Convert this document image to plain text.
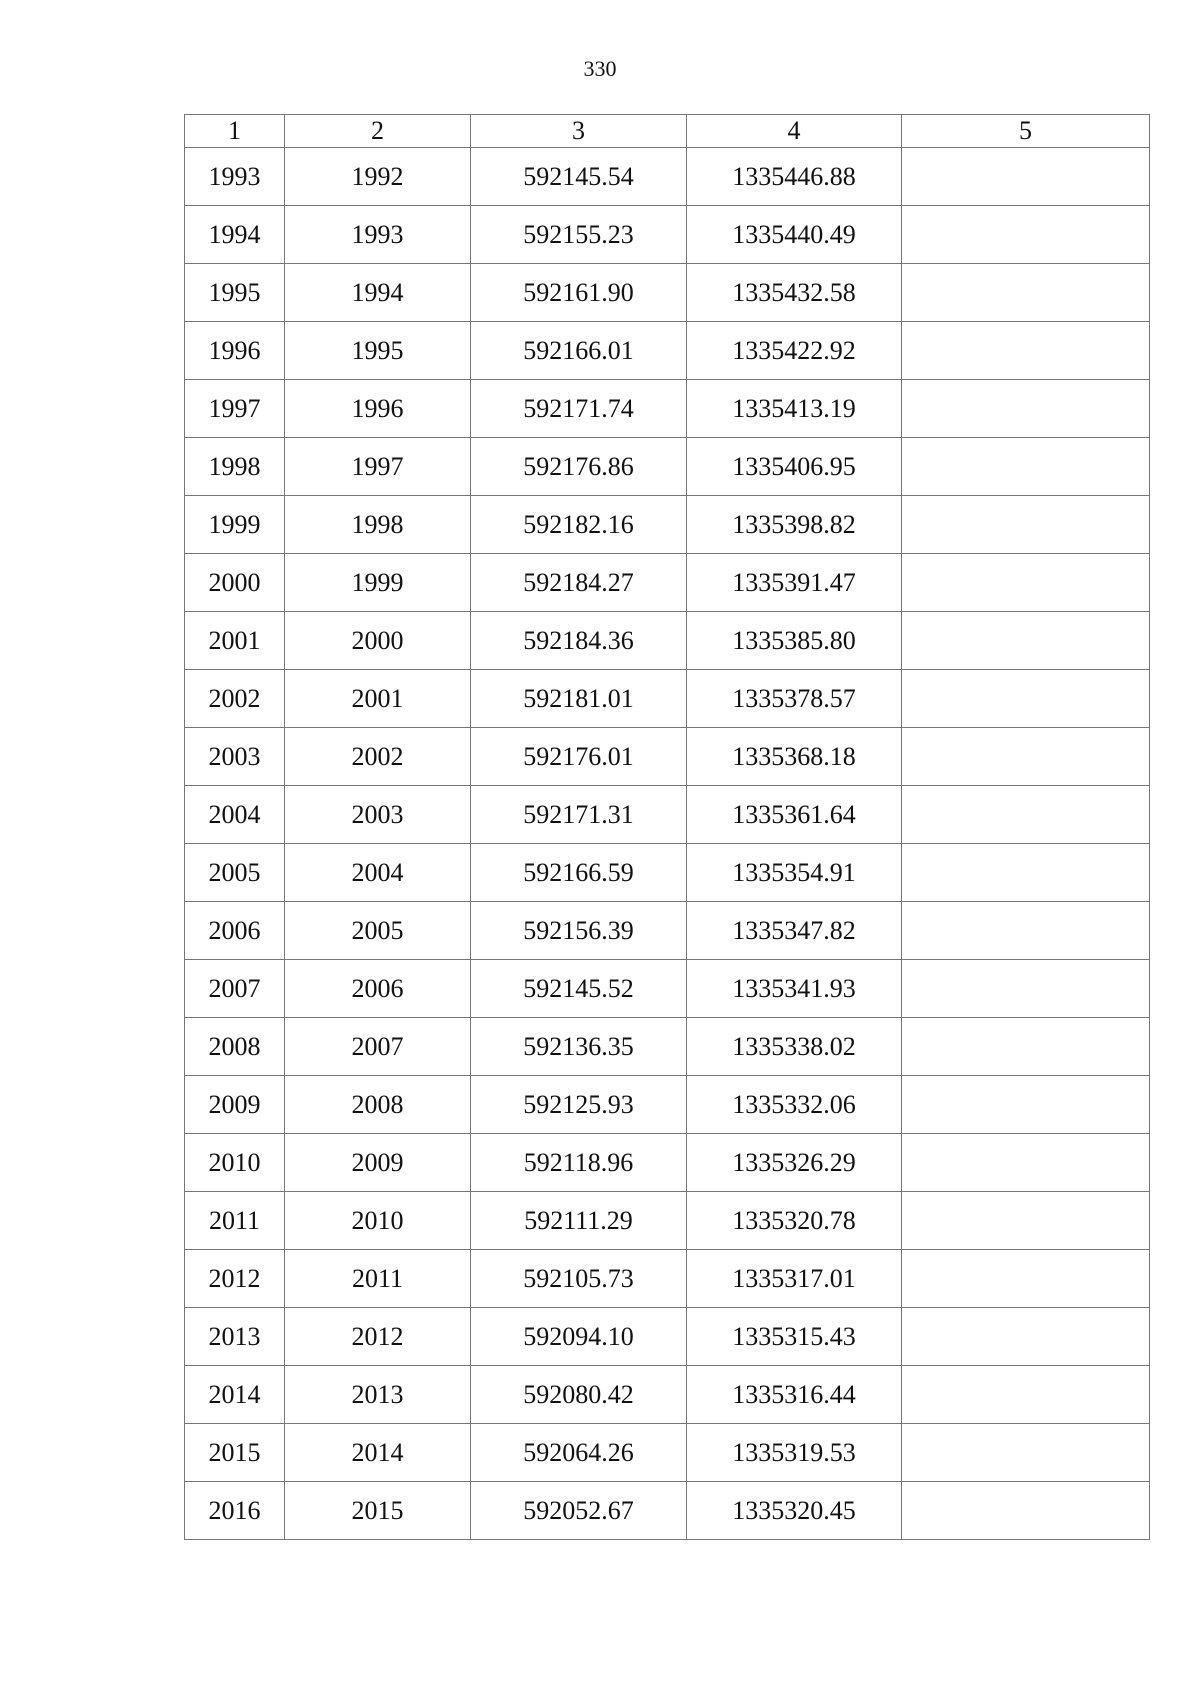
330
1	2	3	4	5
1993	1992	592145.54	1335446.88	
1994	1993	592155.23	1335440.49	
1995	1994	592161.90	1335432.58	
1996	1995	592166.01	1335422.92	
1997	1996	592171.74	1335413.19	
1998	1997	592176.86	1335406.95	
1999	1998	592182.16	1335398.82	
2000	1999	592184.27	1335391.47	
2001	2000	592184.36	1335385.80	
2002	2001	592181.01	1335378.57	
2003	2002	592176.01	1335368.18	
2004	2003	592171.31	1335361.64	
2005	2004	592166.59	1335354.91	
2006	2005	592156.39	1335347.82	
2007	2006	592145.52	1335341.93	
2008	2007	592136.35	1335338.02	
2009	2008	592125.93	1335332.06	
2010	2009	592118.96	1335326.29	
2011	2010	592111.29	1335320.78	
2012	2011	592105.73	1335317.01	
2013	2012	592094.10	1335315.43	
2014	2013	592080.42	1335316.44	
2015	2014	592064.26	1335319.53	
2016	2015	592052.67	1335320.45	
